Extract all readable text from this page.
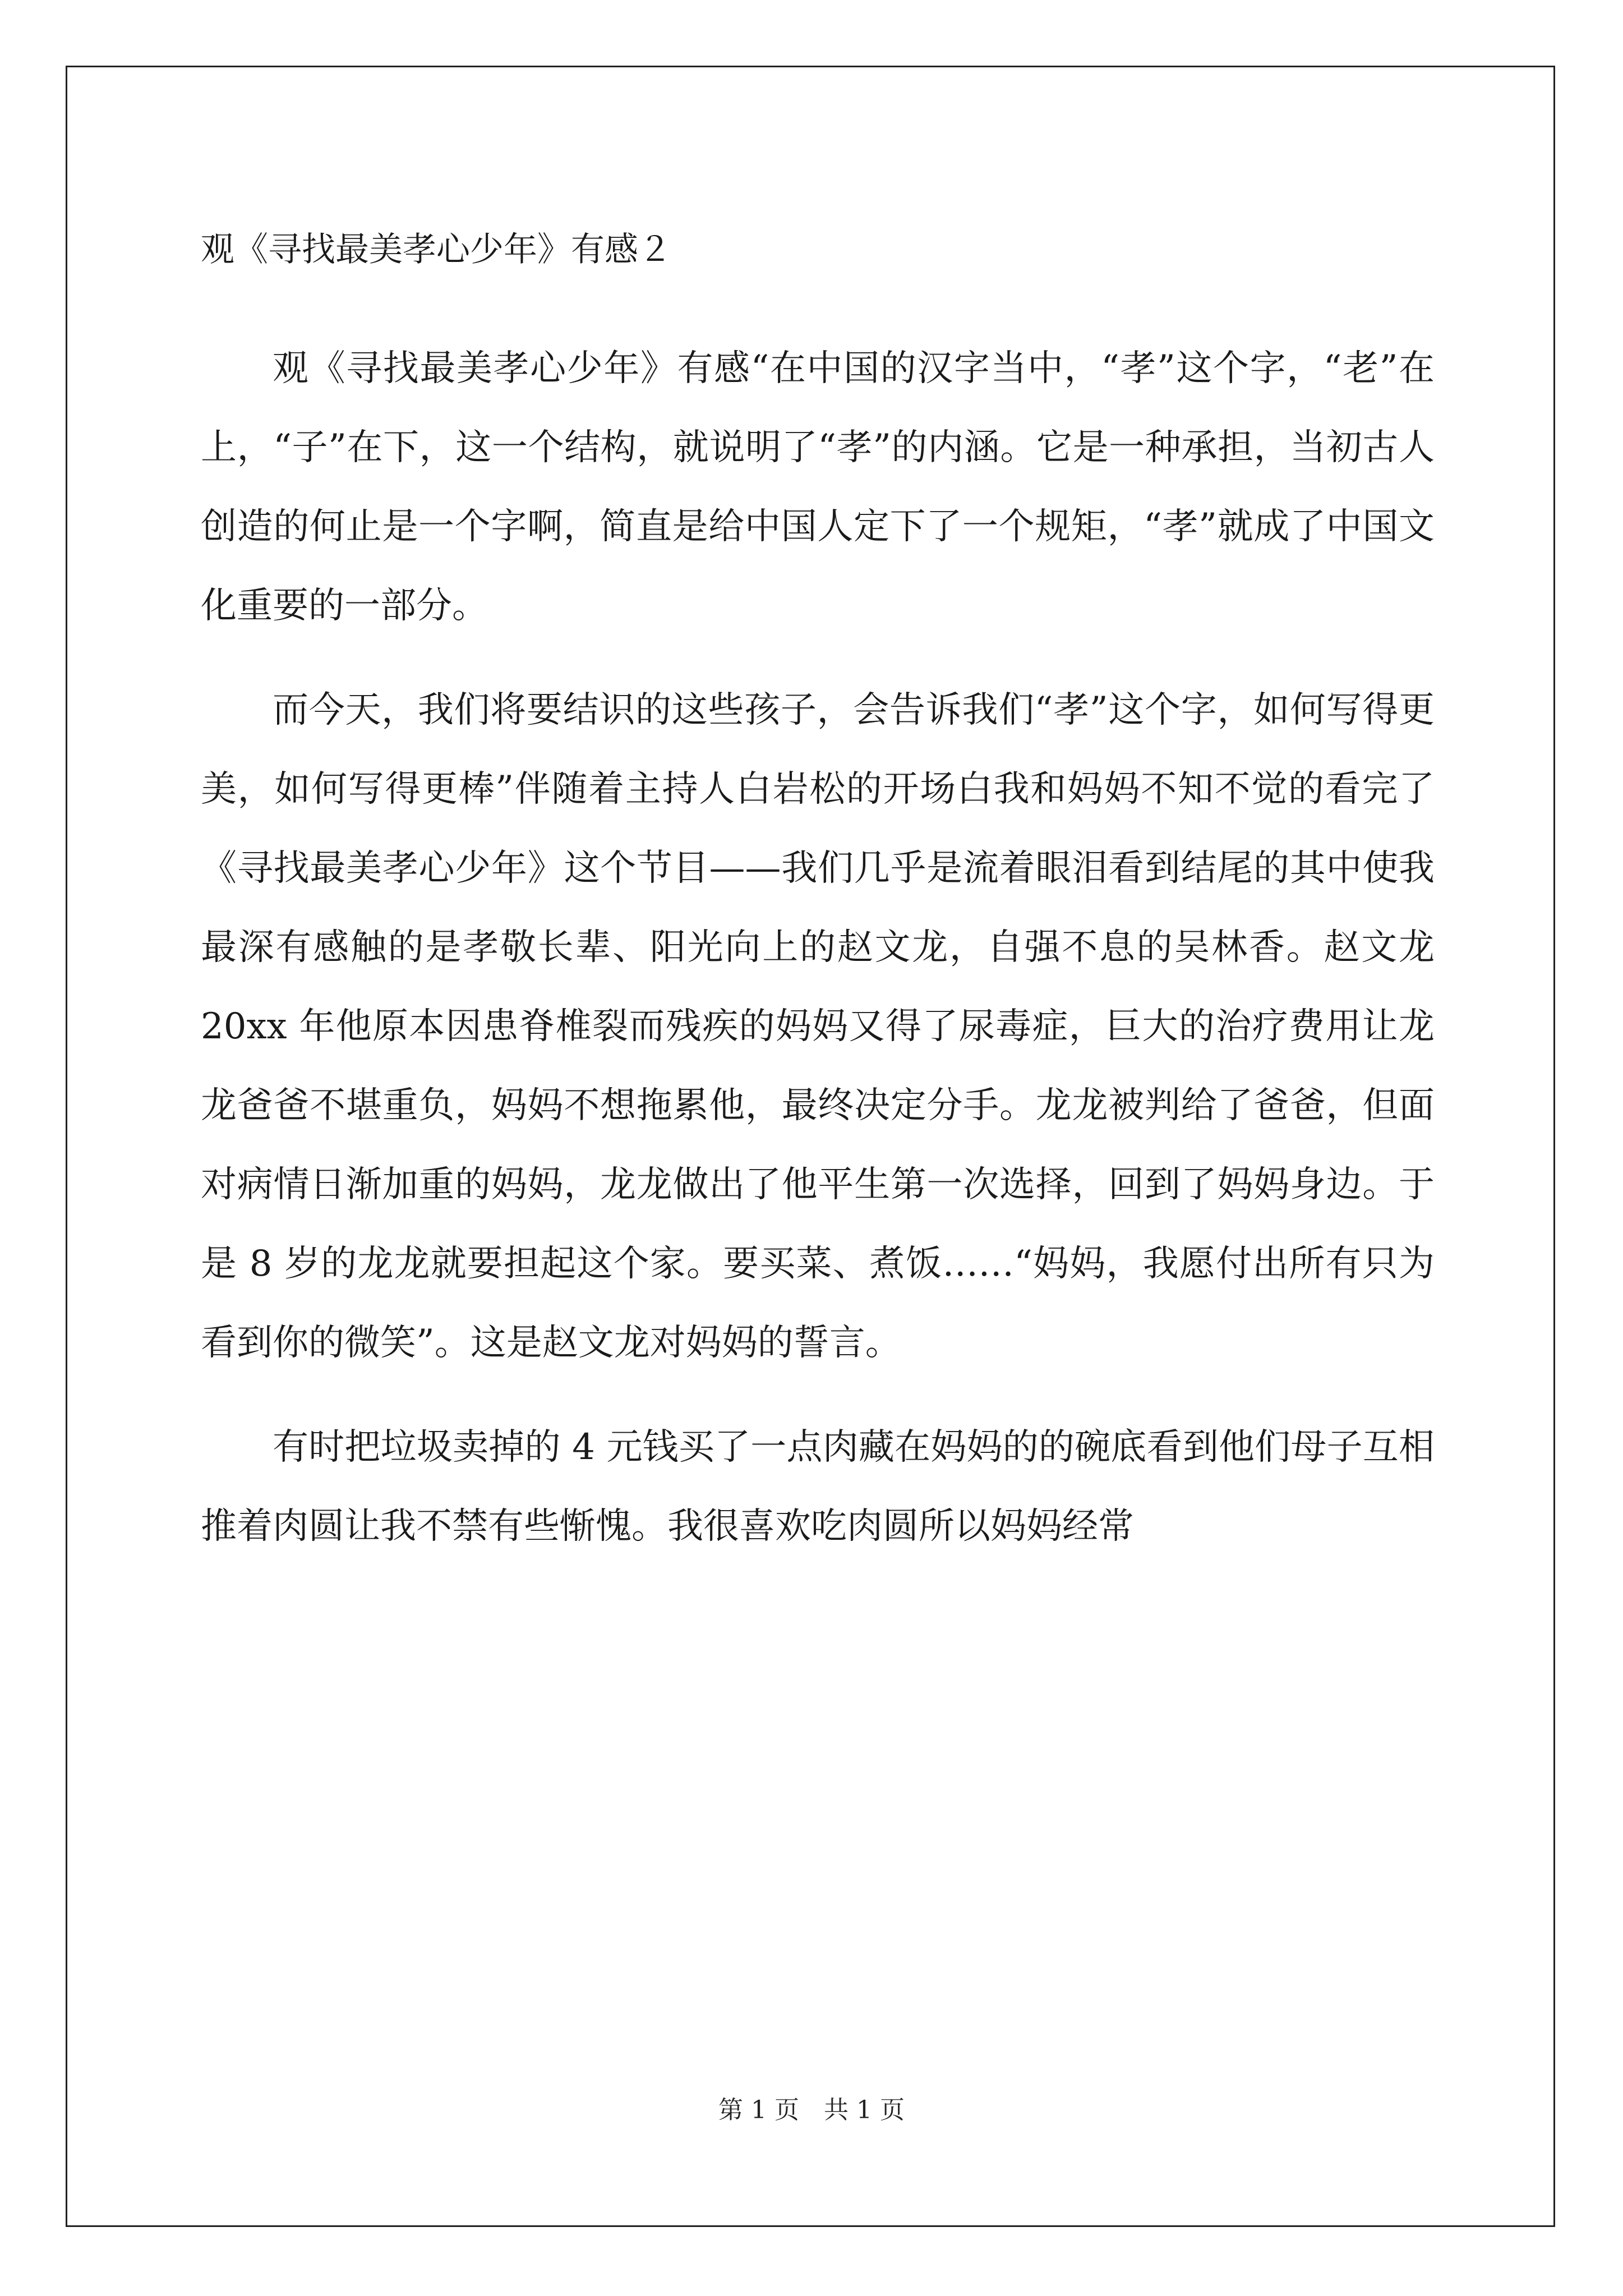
观《寻找最美孝心少年》有感２

观《寻找最美孝心少年》有感“在中国的汉字当中，“孝”这个字，“老”在上，“子”在下，这一个结构，就说明了“孝”的内涵。它是一种承担，当初古人创造的何止是一个字啊，简直是给中国人定下了一个规矩，“孝”就成了中国文化重要的一部分。

而今天，我们将要结识的这些孩子，会告诉我们“孝”这个字，如何写得更美，如何写得更棒”伴随着主持人白岩松的开场白我和妈妈不知不觉的看完了《寻找最美孝心少年》这个节目——我们几乎是流着眼泪看到结尾的其中使我最深有感触的是孝敬长辈、阳光向上的赵文龙，自强不息的吴林香。赵文龙 20xx 年他原本因患脊椎裂而残疾的妈妈又得了尿毒症，巨大的治疗费用让龙龙爸爸不堪重负，妈妈不想拖累他，最终决定分手。龙龙被判给了爸爸，但面对病情日渐加重的妈妈，龙龙做出了他平生第一次选择，回到了妈妈身边。于是 8 岁的龙龙就要担起这个家。要买菜、煮饭……“妈妈，我愿付出所有只为看到你的微笑”。这是赵文龙对妈妈的誓言。

有时把垃圾卖掉的 4 元钱买了一点肉藏在妈妈的的碗底看到他们母子互相推着肉圆让我不禁有些惭愧。我很喜欢吃肉圆所以妈妈经常

第 1 页　共 1 页
